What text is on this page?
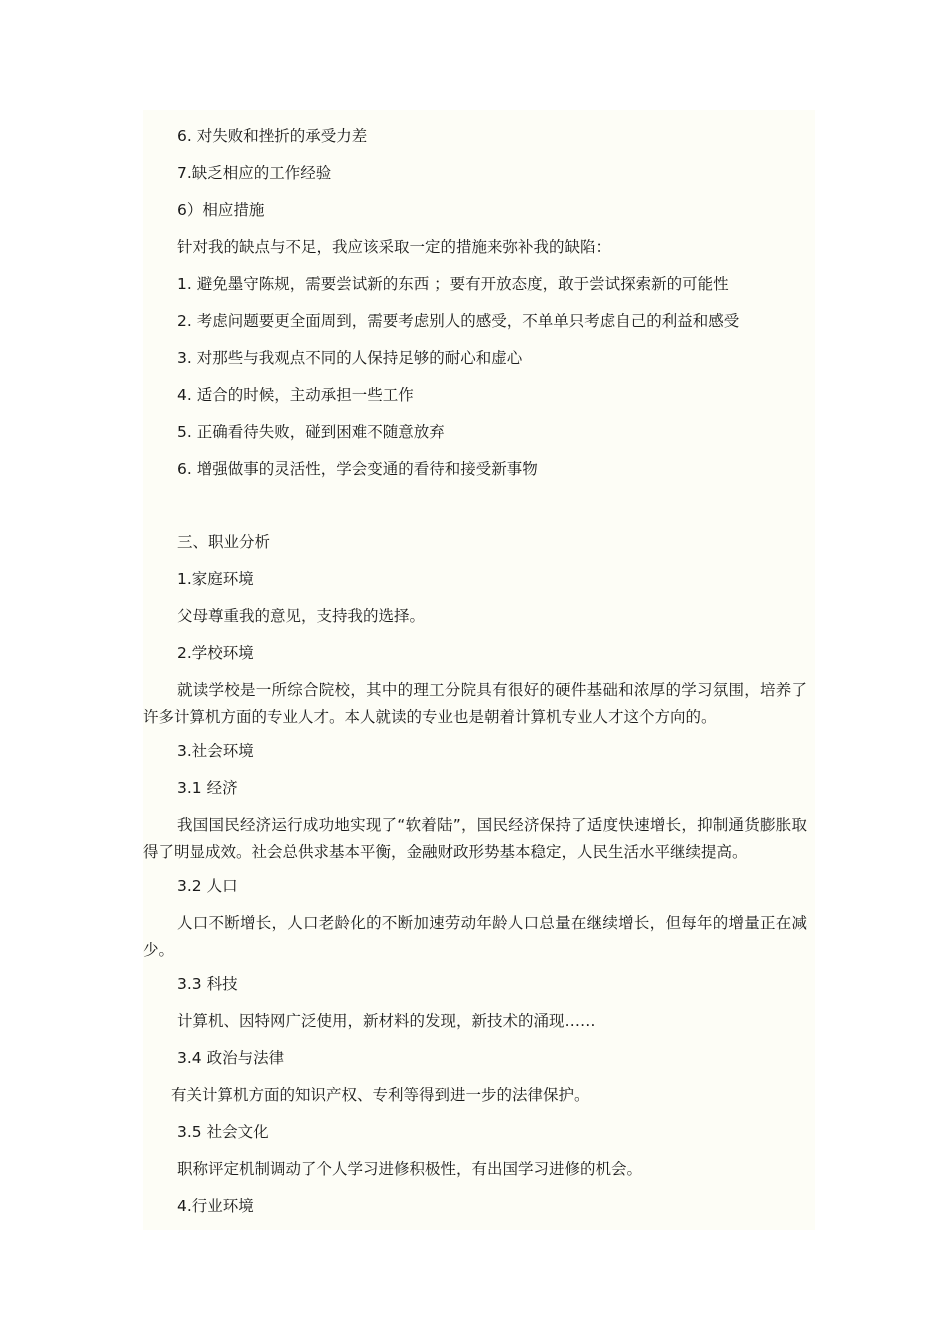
6. 对失败和挫折的承受力差
7.缺乏相应的工作经验
6）相应措施
针对我的缺点与不足，我应该采取一定的措施来弥补我的缺陷：
1. 避免墨守陈规，需要尝试新的东西 ；要有开放态度，敢于尝试探索新的可能性
2. 考虑问题要更全面周到，需要考虑别人的感受，不单单只考虑自己的利益和感受
3. 对那些与我观点不同的人保持足够的耐心和虚心
4. 适合的时候，主动承担一些工作
5. 正确看待失败，碰到困难不随意放弃
6. 增强做事的灵活性，学会变通的看待和接受新事物
三、职业分析
1.家庭环境
父母尊重我的意见，支持我的选择。
2.学校环境
就读学校是一所综合院校，其中的理工分院具有很好的硬件基础和浓厚的学习氛围，培养了许多计算机方面的专业人才。本人就读的专业也是朝着计算机专业人才这个方向的。
3.社会环境
3.1 经济
我国国民经济运行成功地实现了“软着陆”，国民经济保持了适度快速增长，抑制通货膨胀取得了明显成效。社会总供求基本平衡，金融财政形势基本稳定，人民生活水平继续提高。
3.2 人口
人口不断增长，人口老龄化的不断加速劳动年龄人口总量在继续增长，但每年的增量正在减少。
3.3 科技
计算机、因特网广泛使用，新材料的发现，新技术的涌现……
3.4 政治与法律
有关计算机方面的知识产权、专利等得到进一步的法律保护。
3.5 社会文化
职称评定机制调动了个人学习进修积极性，有出国学习进修的机会。
4.行业环境
